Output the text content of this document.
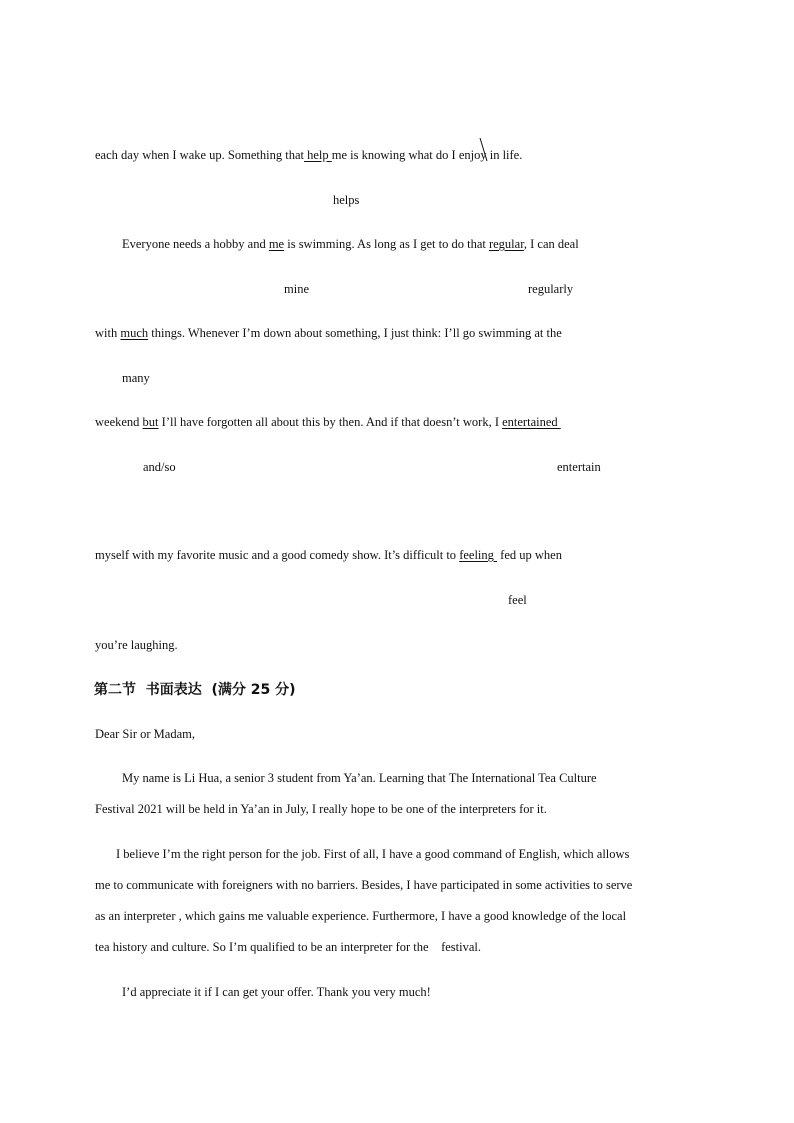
each day when I wake up. Something that help me is knowing what do I enjoy in life.
helps
Everyone needs a hobby and me is swimming. As long as I get to do that regular, I can deal
mine	regularly
with much things. Whenever I’m down about something, I just think: I’ll go swimming at the
many
weekend but I’ll have forgotten all about this by then. And if that doesn’t work, I entertained
and/so	entertain
myself with my favorite music and a good comedy show. It’s difficult to feeling  fed up when
feel
you’re laughing.
第二节  书面表达  (满分 25 分)
Dear Sir or Madam,
My name is Li Hua, a senior 3 student from Ya’an. Learning that The International Tea Culture
Festival 2021 will be held in Ya’an in July, I really hope to be one of the interpreters for it.
I believe I’m the right person for the job. First of all, I have a good command of English, which allows
me to communicate with foreigners with no barriers. Besides, I have participated in some activities to serve
as an interpreter , which gains me valuable experience. Furthermore, I have a good knowledge of the local
tea history and culture. So I’m qualified to be an interpreter for the    festival.
I’d appreciate it if I can get your offer. Thank you very much!
